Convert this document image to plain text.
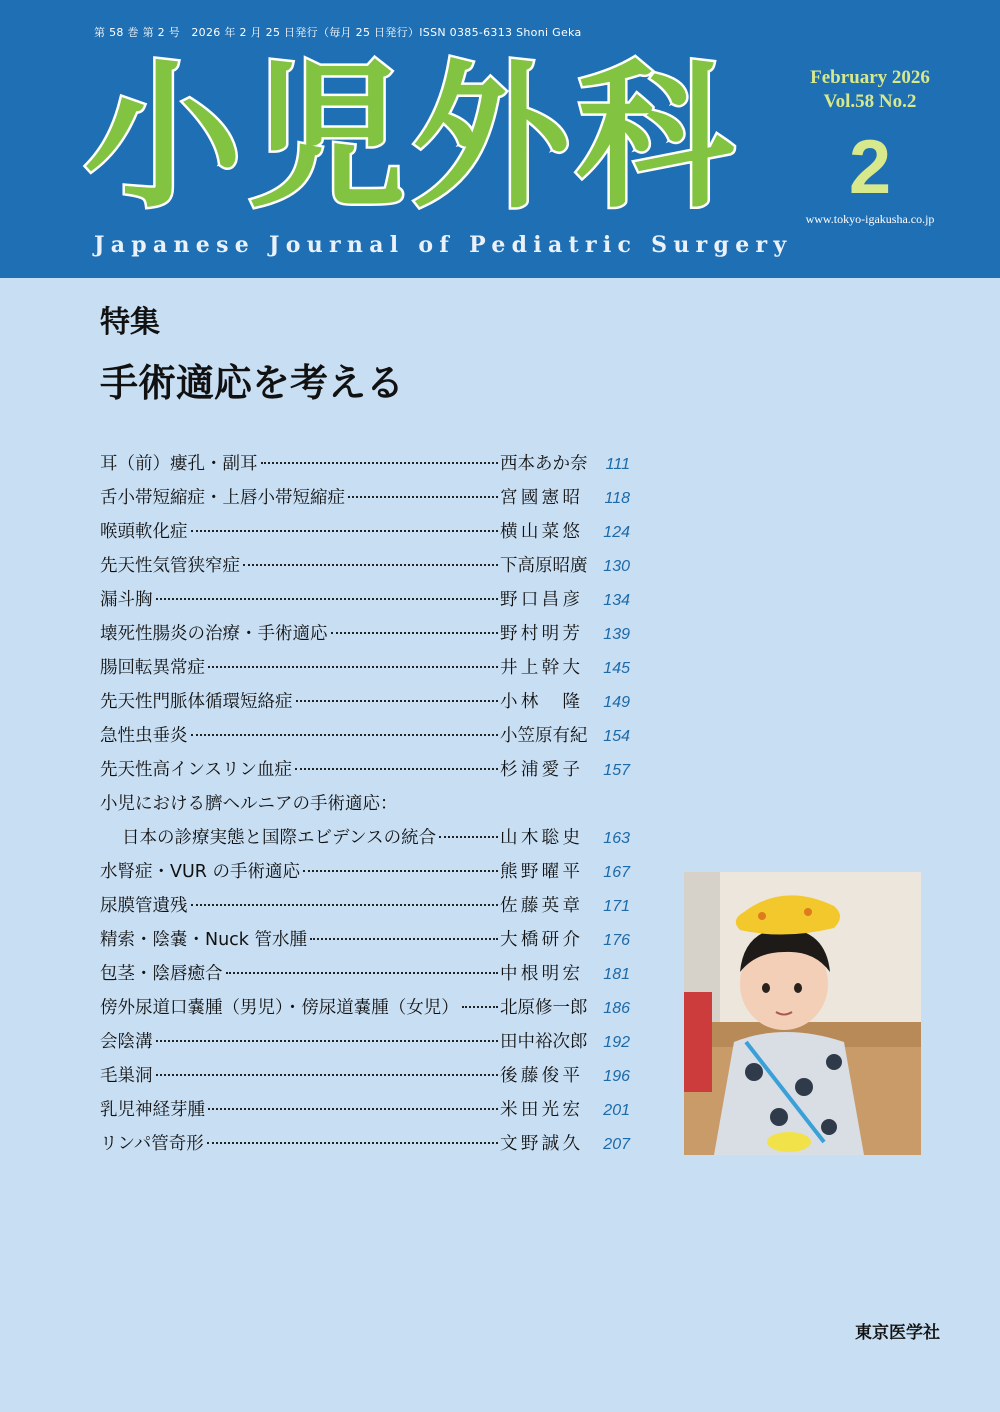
第 58 巻 第 2 号　2026 年 2 月 25 日発行（毎月 25 日発行）ISSN 0385-6313 Shoni Geka
小児外科
Japanese Journal of Pediatric Surgery
February 2026
Vol.58 No.2
2
www.tokyo-igakusha.co.jp
特集
手術適応を考える
耳（前）瘻孔・副耳	西本あか奈	111
舌小帯短縮症・上唇小帯短縮症	宮國憲昭	118
喉頭軟化症	横山菜悠	124
先天性気管狭窄症	下高原昭廣 130
漏斗胸	野口昌彦	134
壊死性腸炎の治療・手術適応	野村明芳	139
腸回転異常症	井上幹大	145
先天性門脈体循環短絡症	小林　隆	149
急性虫垂炎	小笠原有紀 154
先天性高インスリン血症	杉浦愛子	157
小児における臍ヘルニアの手術適応：
日本の診療実態と国際エビデンスの統合	山木聡史	163
水腎症・VUR の手術適応	熊野曜平	167
尿膜管遺残	佐藤英章	171
精索・陰嚢・Nuck 管水腫	大橋研介	176
包茎・陰唇癒合	中根明宏	181
傍外尿道口嚢腫（男児）・傍尿道嚢腫（女児） 北原修一郎 186
会陰溝	田中裕次郎 192
毛巣洞	後藤俊平	196
乳児神経芽腫	米田光宏	201
リンパ管奇形	文野誠久	207
東京医学社
